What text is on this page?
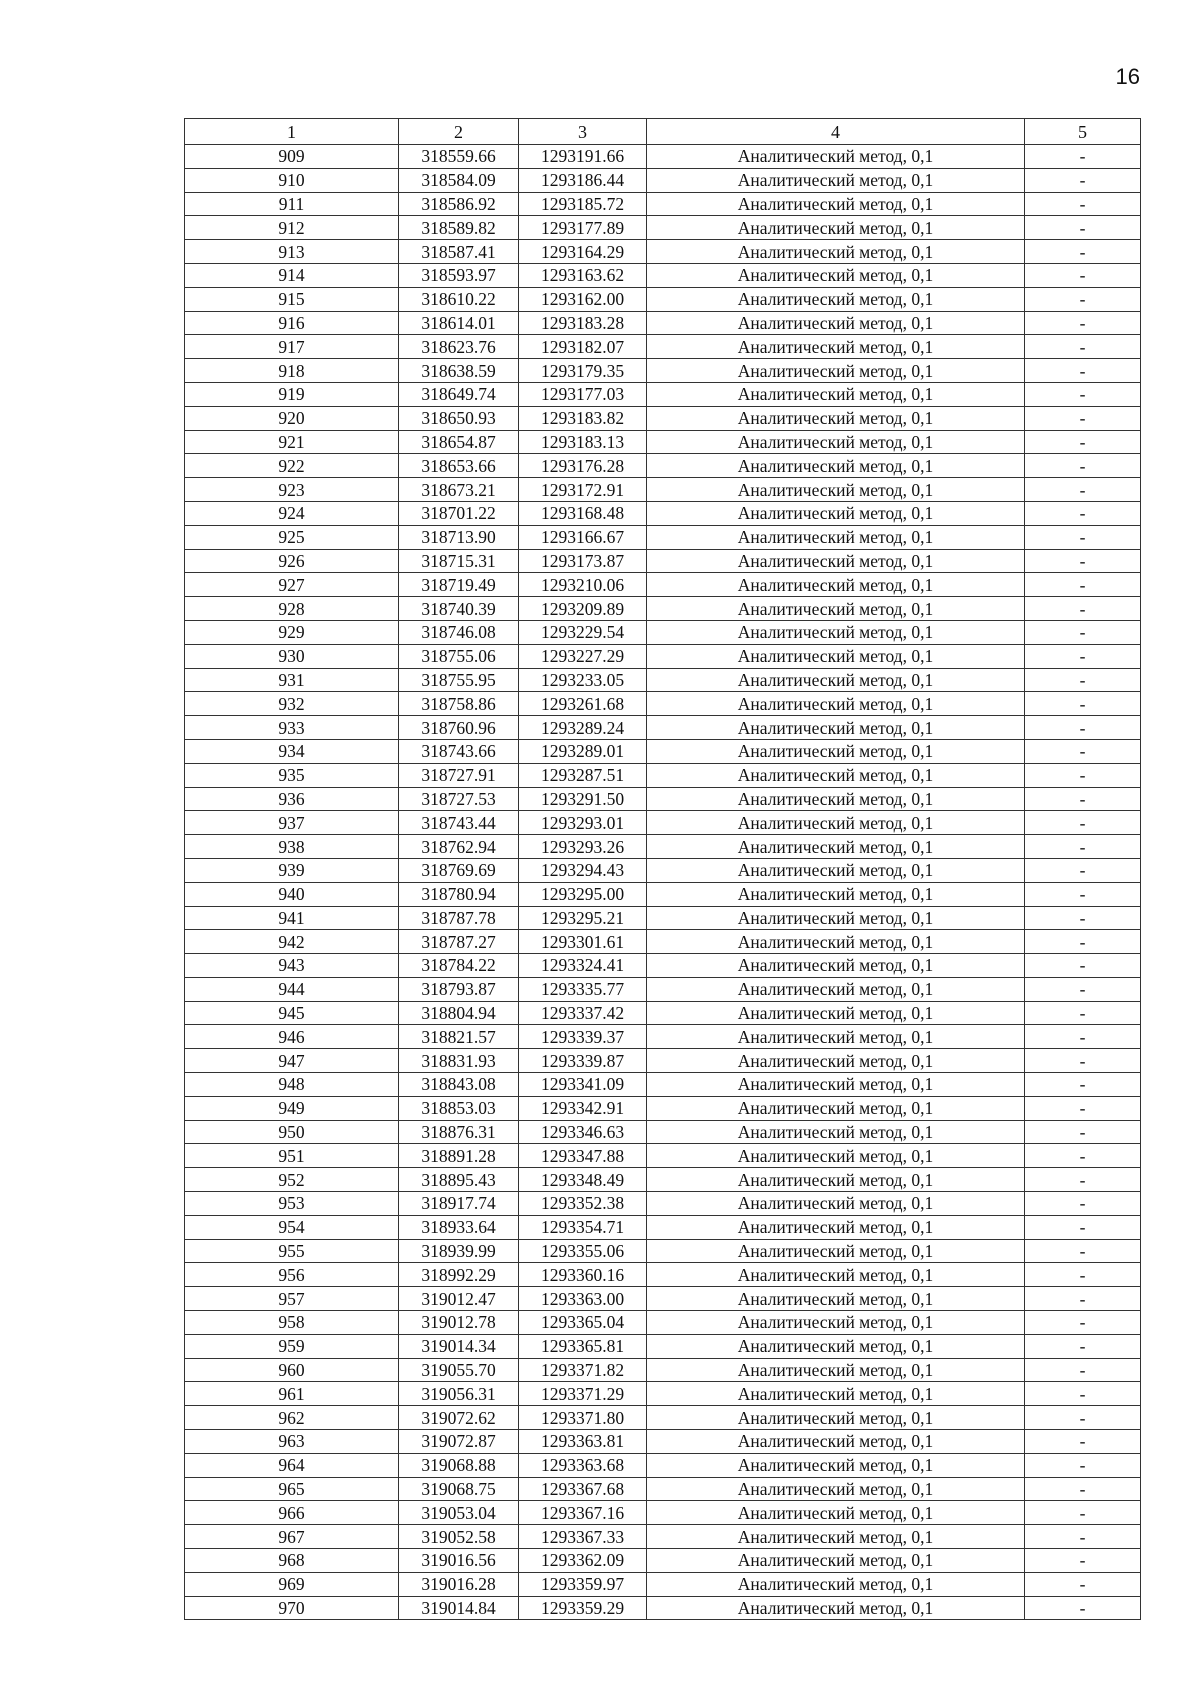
16
1	2	3	4	5
909	318559.66	1293191.66	Аналитический метод, 0,1	-
910	318584.09	1293186.44	Аналитический метод, 0,1	-
911	318586.92	1293185.72	Аналитический метод, 0,1	-
912	318589.82	1293177.89	Аналитический метод, 0,1	-
913	318587.41	1293164.29	Аналитический метод, 0,1	-
914	318593.97	1293163.62	Аналитический метод, 0,1	-
915	318610.22	1293162.00	Аналитический метод, 0,1	-
916	318614.01	1293183.28	Аналитический метод, 0,1	-
917	318623.76	1293182.07	Аналитический метод, 0,1	-
918	318638.59	1293179.35	Аналитический метод, 0,1	-
919	318649.74	1293177.03	Аналитический метод, 0,1	-
920	318650.93	1293183.82	Аналитический метод, 0,1	-
921	318654.87	1293183.13	Аналитический метод, 0,1	-
922	318653.66	1293176.28	Аналитический метод, 0,1	-
923	318673.21	1293172.91	Аналитический метод, 0,1	-
924	318701.22	1293168.48	Аналитический метод, 0,1	-
925	318713.90	1293166.67	Аналитический метод, 0,1	-
926	318715.31	1293173.87	Аналитический метод, 0,1	-
927	318719.49	1293210.06	Аналитический метод, 0,1	-
928	318740.39	1293209.89	Аналитический метод, 0,1	-
929	318746.08	1293229.54	Аналитический метод, 0,1	-
930	318755.06	1293227.29	Аналитический метод, 0,1	-
931	318755.95	1293233.05	Аналитический метод, 0,1	-
932	318758.86	1293261.68	Аналитический метод, 0,1	-
933	318760.96	1293289.24	Аналитический метод, 0,1	-
934	318743.66	1293289.01	Аналитический метод, 0,1	-
935	318727.91	1293287.51	Аналитический метод, 0,1	-
936	318727.53	1293291.50	Аналитический метод, 0,1	-
937	318743.44	1293293.01	Аналитический метод, 0,1	-
938	318762.94	1293293.26	Аналитический метод, 0,1	-
939	318769.69	1293294.43	Аналитический метод, 0,1	-
940	318780.94	1293295.00	Аналитический метод, 0,1	-
941	318787.78	1293295.21	Аналитический метод, 0,1	-
942	318787.27	1293301.61	Аналитический метод, 0,1	-
943	318784.22	1293324.41	Аналитический метод, 0,1	-
944	318793.87	1293335.77	Аналитический метод, 0,1	-
945	318804.94	1293337.42	Аналитический метод, 0,1	-
946	318821.57	1293339.37	Аналитический метод, 0,1	-
947	318831.93	1293339.87	Аналитический метод, 0,1	-
948	318843.08	1293341.09	Аналитический метод, 0,1	-
949	318853.03	1293342.91	Аналитический метод, 0,1	-
950	318876.31	1293346.63	Аналитический метод, 0,1	-
951	318891.28	1293347.88	Аналитический метод, 0,1	-
952	318895.43	1293348.49	Аналитический метод, 0,1	-
953	318917.74	1293352.38	Аналитический метод, 0,1	-
954	318933.64	1293354.71	Аналитический метод, 0,1	-
955	318939.99	1293355.06	Аналитический метод, 0,1	-
956	318992.29	1293360.16	Аналитический метод, 0,1	-
957	319012.47	1293363.00	Аналитический метод, 0,1	-
958	319012.78	1293365.04	Аналитический метод, 0,1	-
959	319014.34	1293365.81	Аналитический метод, 0,1	-
960	319055.70	1293371.82	Аналитический метод, 0,1	-
961	319056.31	1293371.29	Аналитический метод, 0,1	-
962	319072.62	1293371.80	Аналитический метод, 0,1	-
963	319072.87	1293363.81	Аналитический метод, 0,1	-
964	319068.88	1293363.68	Аналитический метод, 0,1	-
965	319068.75	1293367.68	Аналитический метод, 0,1	-
966	319053.04	1293367.16	Аналитический метод, 0,1	-
967	319052.58	1293367.33	Аналитический метод, 0,1	-
968	319016.56	1293362.09	Аналитический метод, 0,1	-
969	319016.28	1293359.97	Аналитический метод, 0,1	-
970	319014.84	1293359.29	Аналитический метод, 0,1	-
